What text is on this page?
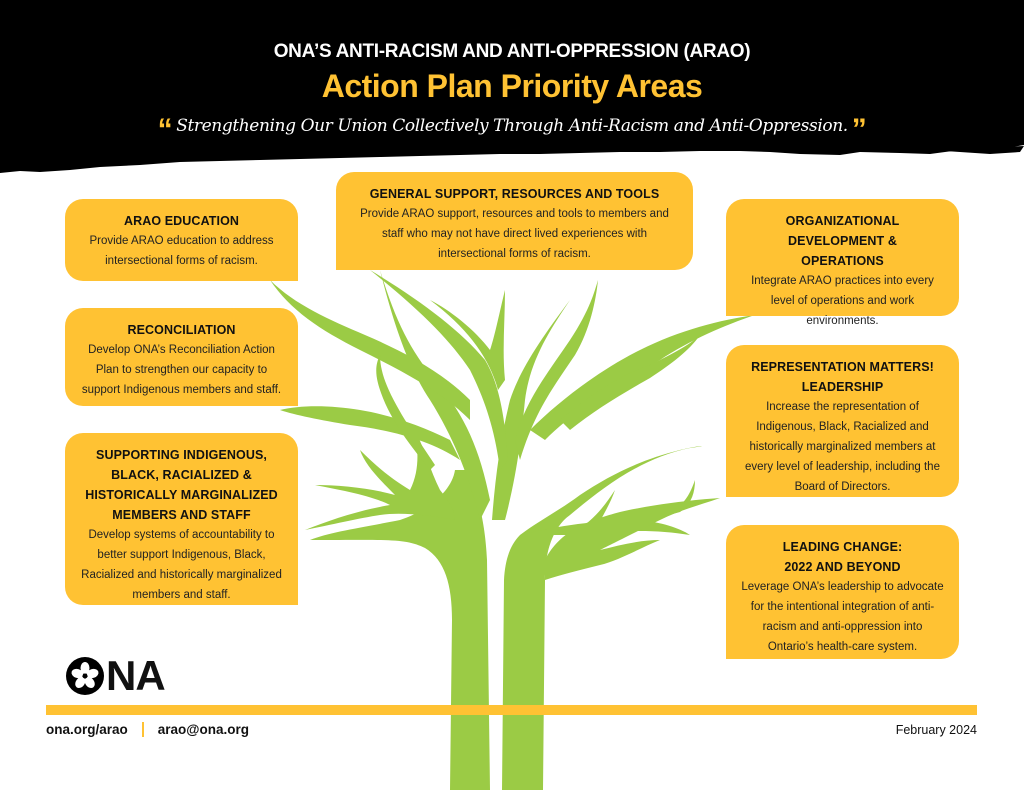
ONA’S ANTI-RACISM AND ANTI-OPPRESSION (ARAO)
Action Plan Priority Areas
“ Strengthening Our Union Collectively Through Anti-Racism and Anti-Oppression. ”
ARAO EDUCATION

Provide ARAO education to address intersectional forms of racism.

GENERAL SUPPORT, RESOURCES AND TOOLS

Provide ARAO support, resources and tools to members and staff who may not have direct lived experiences with intersectional forms of racism.

ORGANIZATIONAL DEVELOPMENT & OPERATIONS

Integrate ARAO practices into every level of operations and work environments.

RECONCILIATION

Develop ONA’s Reconciliation Action Plan to strengthen our capacity to support Indigenous members and staff.

REPRESENTATION MATTERS! LEADERSHIP

Increase the representation of Indigenous, Black, Racialized and historically marginalized members at every level of leadership, including the Board of Directors.

SUPPORTING INDIGENOUS, BLACK, RACIALIZED & HISTORICALLY MARGINALIZED MEMBERS AND STAFF

Develop systems of accountability to better support Indigenous, Black, Racialized and historically marginalized members and staff.

LEADING CHANGE: 2022 AND BEYOND

Leverage ONA’s leadership to advocate for the intentional integration of anti-racism and anti-oppression into Ontario’s health-care system.

NA
ona.org/arao arao@ona.org	February 2024
